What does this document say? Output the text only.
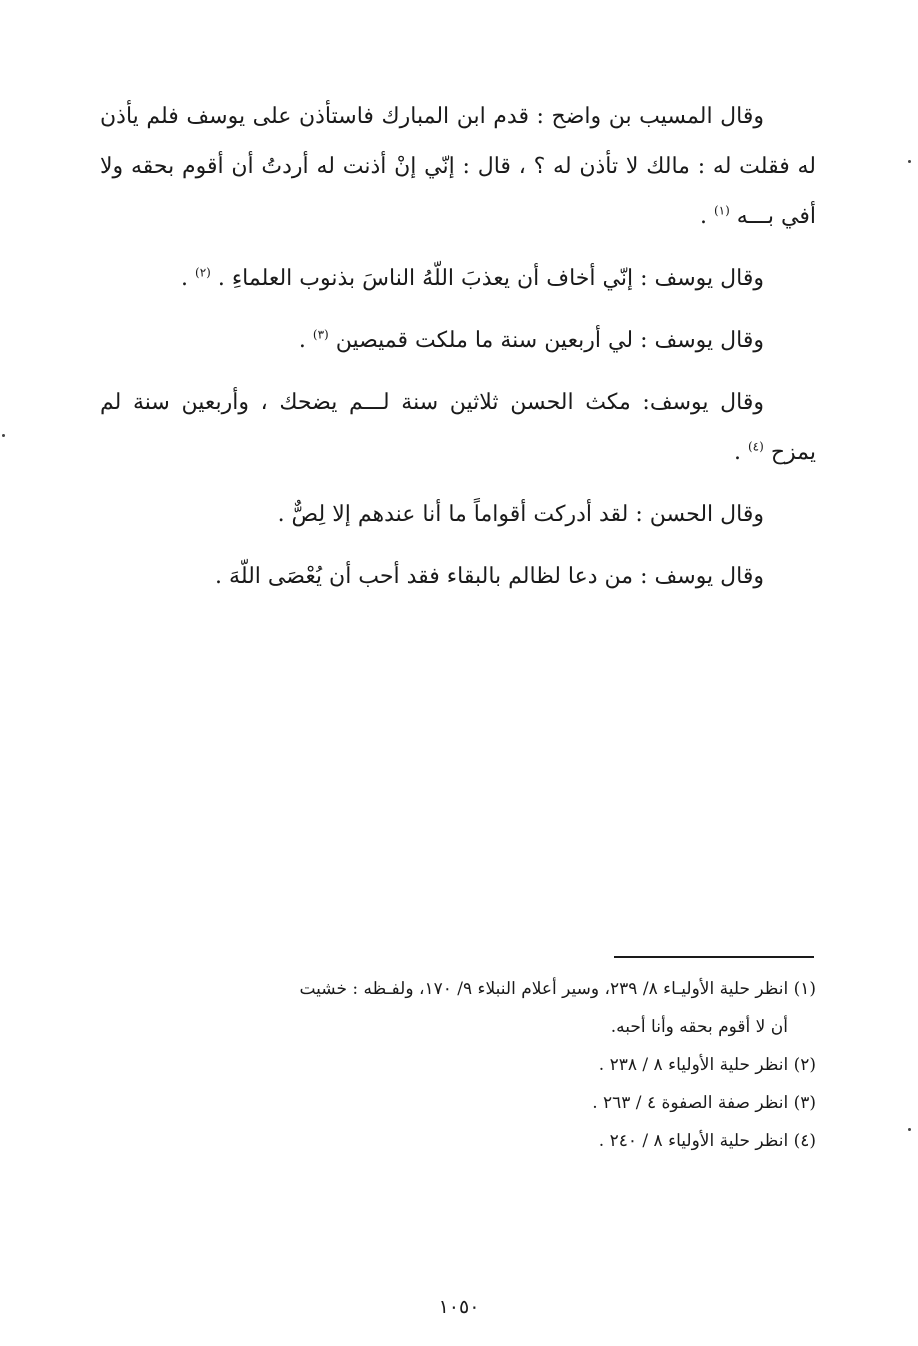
وقال المسيب بن واضح : قدم ابن المبارك فاستأذن على يوسف فلم يأذن له فقلت له : مالك لا تأذن له ؟ ، قال : إنّي إنْ أذنت له أردتُ أن أقوم بحقه ولا أفي بـــه $^{(١)}$ .

وقال يوسف : إنّي أخاف أن يعذبَ اللّهُ الناسَ بذنوب العلماءِ . $^{(٢)}$ .

وقال يوسف : لي أربعين سنة ما ملكت قميصين $^{(٣)}$ .

وقال يوسف: مكث الحسن ثلاثين سنة لـــم يضحك ، وأربعين سنة لم يمزح $^{(٤)}$ .

وقال الحسن : لقد أدركت أقواماً ما أنا عندهم إلا لِصٌّ .

وقال يوسف : من دعا لظالم بالبقاء فقد أحب أن يُعْصَى اللّهَ .

(١) انظر حلية الأوليـاء ٨/ ٢٣٩، وسير أعلام النبلاء ٩/ ١٧٠، ولفـظه : خشيت

أن لا أقوم بحقه وأنا أحبه.

(٢) انظر حلية الأولياء ٨ / ٢٣٨ .

(٣) انظر صفة الصفوة ٤ / ٢٦٣ .

(٤) انظر حلية الأولياء ٨ / ٢٤٠ .

١٠٥٠
